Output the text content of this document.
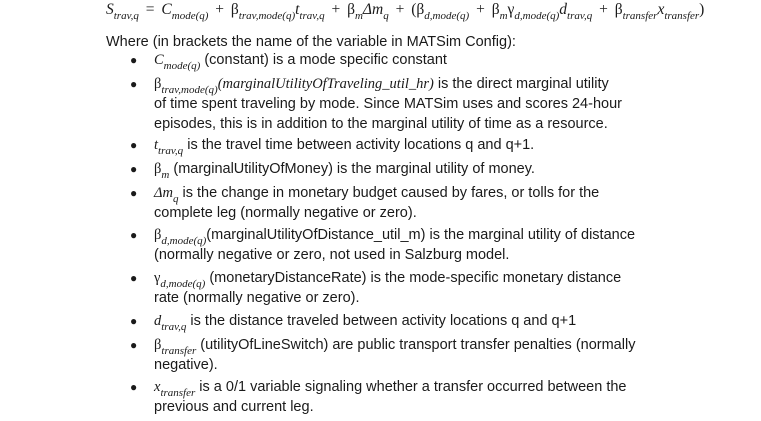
$S_{trav,q} = C_{mode(q)} + \beta_{trav,mode(q)}t_{trav,q} + \beta_m\Delta m_q + (\beta_{d,mode(q)} + \beta_m\gamma_{d,mode(q)}d_{trav,q} + \beta_{transfer}x_{transfer})$
Where (in brackets the name of the variable in MATSim Config):
● $C_{mode(q)}$ (constant) is a mode specific constant
● $\beta_{trav,mode(q)}(marginalUtilityOfTraveling\_util\_hr)$ is the direct marginal utility
of time spent traveling by mode. Since MATSim uses and scores 24-hour
episodes, this is in addition to the marginal utility of time as a resource.
● $t_{trav,q}$ is the travel time between activity locations q and q+1.
● $\beta_m$ (marginalUtilityOfMoney) is the marginal utility of money.
● $\Delta m_q$ is the change in monetary budget caused by fares, or tolls for the
complete leg (normally negative or zero).
● $\beta_{d,mode(q)}(marginalUtilityOfDistance\_util\_m)$ is the marginal utility of distance
(normally negative or zero, not used in Salzburg model.
● $\gamma_{d,mode(q)}$ (monetaryDistanceRate) is the mode-specific monetary distance
rate (normally negative or zero).
● $d_{trav,q}$ is the distance traveled between activity locations q and q+1
● $\beta_{transfer}$ (utilityOfLineSwitch) are public transport transfer penalties (normally
negative).
● $x_{transfer}$ is a 0/1 variable signaling whether a transfer occurred between the
previous and current leg.
